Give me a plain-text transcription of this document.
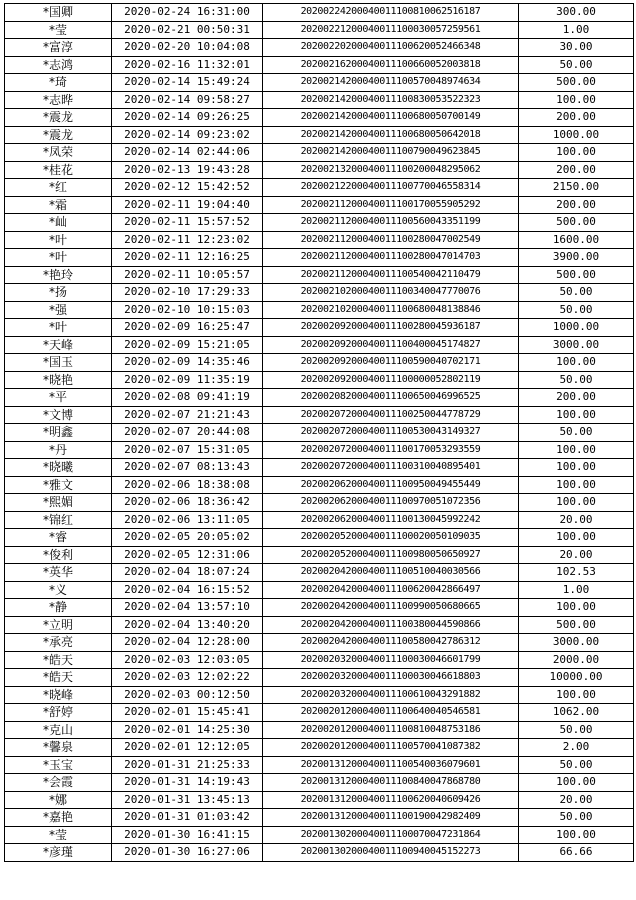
*国卿	2020-02-24 16:31:00	20200224200040011100810062516187	300.00
*莹	2020-02-21 00:50:31	20200221200040011100030057259561	1.00
*富淳	2020-02-20 10:04:08	20200220200040011100620052466348	30.00
*志鸿	2020-02-16 11:32:01	20200216200040011100660052003818	50.00
*琦	2020-02-14 15:49:24	20200214200040011100570048974634	500.00
*志晔	2020-02-14 09:58:27	20200214200040011100830053522323	100.00
*震龙	2020-02-14 09:26:25	20200214200040011100680050700149	200.00
*震龙	2020-02-14 09:23:02	20200214200040011100680050642018	1000.00
*凤荣	2020-02-14 02:44:06	20200214200040011100790049623845	100.00
*桂花	2020-02-13 19:43:28	20200213200040011100200048295062	200.00
*红	2020-02-12 15:42:52	20200212200040011100770046558314	2150.00
*霜	2020-02-11 19:04:40	20200211200040011100170055905292	200.00
*屾	2020-02-11 15:57:52	20200211200040011100560043351199	500.00
*叶	2020-02-11 12:23:02	20200211200040011100280047002549	1600.00
*叶	2020-02-11 12:16:25	20200211200040011100280047014703	3900.00
*艳玲	2020-02-11 10:05:57	20200211200040011100540042110479	500.00
*扬	2020-02-10 17:29:33	20200210200040011100340047770076	50.00
*强	2020-02-10 10:15:03	20200210200040011100680048138846	50.00
*叶	2020-02-09 16:25:47	20200209200040011100280045936187	1000.00
*天峰	2020-02-09 15:21:05	20200209200040011100400045174827	3000.00
*国玉	2020-02-09 14:35:46	20200209200040011100590040702171	100.00
*晓艳	2020-02-09 11:35:19	20200209200040011100000052802119	50.00
*平	2020-02-08 09:41:19	20200208200040011100650046996525	200.00
*文博	2020-02-07 21:21:43	20200207200040011100250044778729	100.00
*明鑫	2020-02-07 20:44:08	20200207200040011100530043149327	50.00
*丹	2020-02-07 15:31:05	20200207200040011100170053293559	100.00
*晓曦	2020-02-07 08:13:43	20200207200040011100310040895401	100.00
*雅文	2020-02-06 18:38:08	20200206200040011100950049455449	100.00
*熙媚	2020-02-06 18:36:42	20200206200040011100970051072356	100.00
*锦红	2020-02-06 13:11:05	20200206200040011100130045992242	20.00
*睿	2020-02-05 20:05:02	20200205200040011100020050109035	100.00
*俊利	2020-02-05 12:31:06	20200205200040011100980050650927	20.00
*英华	2020-02-04 18:07:24	20200204200040011100510040030566	102.53
*义	2020-02-04 16:15:52	20200204200040011100620042866497	1.00
*静	2020-02-04 13:57:10	20200204200040011100990050680665	100.00
*立明	2020-02-04 13:40:20	20200204200040011100380044590866	500.00
*承亮	2020-02-04 12:28:00	20200204200040011100580042786312	3000.00
*皓天	2020-02-03 12:03:05	20200203200040011100030046601799	2000.00
*皓天	2020-02-03 12:02:22	20200203200040011100030046618803	10000.00
*晓峰	2020-02-03 00:12:50	20200203200040011100610043291882	100.00
*舒婷	2020-02-01 15:45:41	20200201200040011100640040546581	1062.00
*克山	2020-02-01 14:25:30	20200201200040011100810048753186	50.00
*馨泉	2020-02-01 12:12:05	20200201200040011100570041087382	2.00
*玉宝	2020-01-31 21:25:33	20200131200040011100540036079601	50.00
*会霞	2020-01-31 14:19:43	20200131200040011100840047868780	100.00
*娜	2020-01-31 13:45:13	20200131200040011100620040609426	20.00
*嘉艳	2020-01-31 01:03:42	20200131200040011100190042982409	50.00
*莹	2020-01-30 16:41:15	20200130200040011100070047231864	100.00
*彦瑾	2020-01-30 16:27:06	20200130200040011100940045152273	66.66
